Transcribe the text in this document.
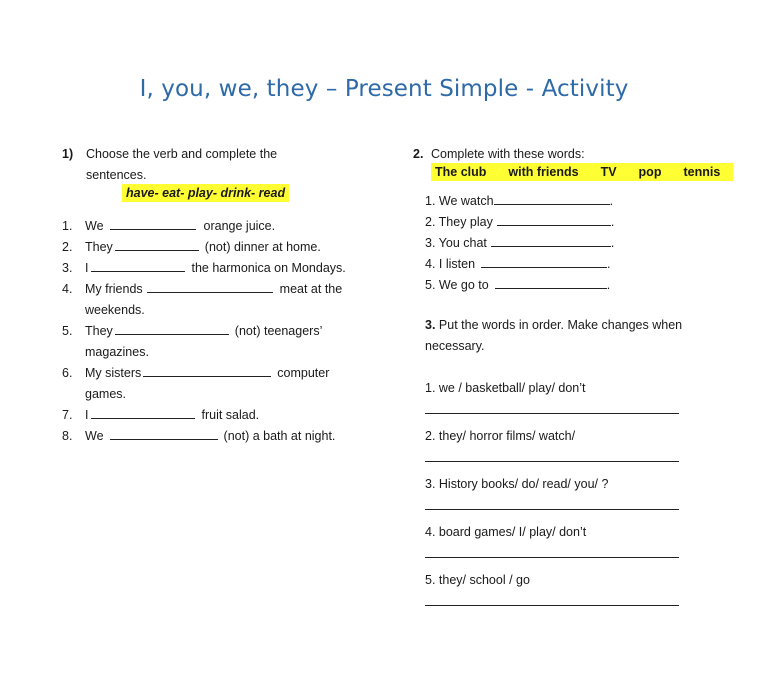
I, you, we, they – Present Simple - Activity
1)	Choose the verb and complete the
sentences.
have- eat- play- drink- read
1.	We	orange juice.
2.	They	(not) dinner at home.
3.	I	the harmonica on Mondays.
4.	My friends	meat at the
weekends.
5.	They	(not) teenagers’
magazines.
6.	My sisters	computer
games.
7.	I	fruit salad.
8.	We	(not) a bath at night.
2. Complete with these words:
The club	with friends	TV	pop	tennis
1. We watch	.
2. They play	.
3. You chat	.
4. I listen	.
5. We go to	.
3. Put the words in order. Make changes when
necessary.
1. we / basketball/ play/ don’t
2. they/ horror films/ watch/
3. History books/ do/ read/ you/ ?
4. board games/ I/ play/ don’t
5. they/ school / go
